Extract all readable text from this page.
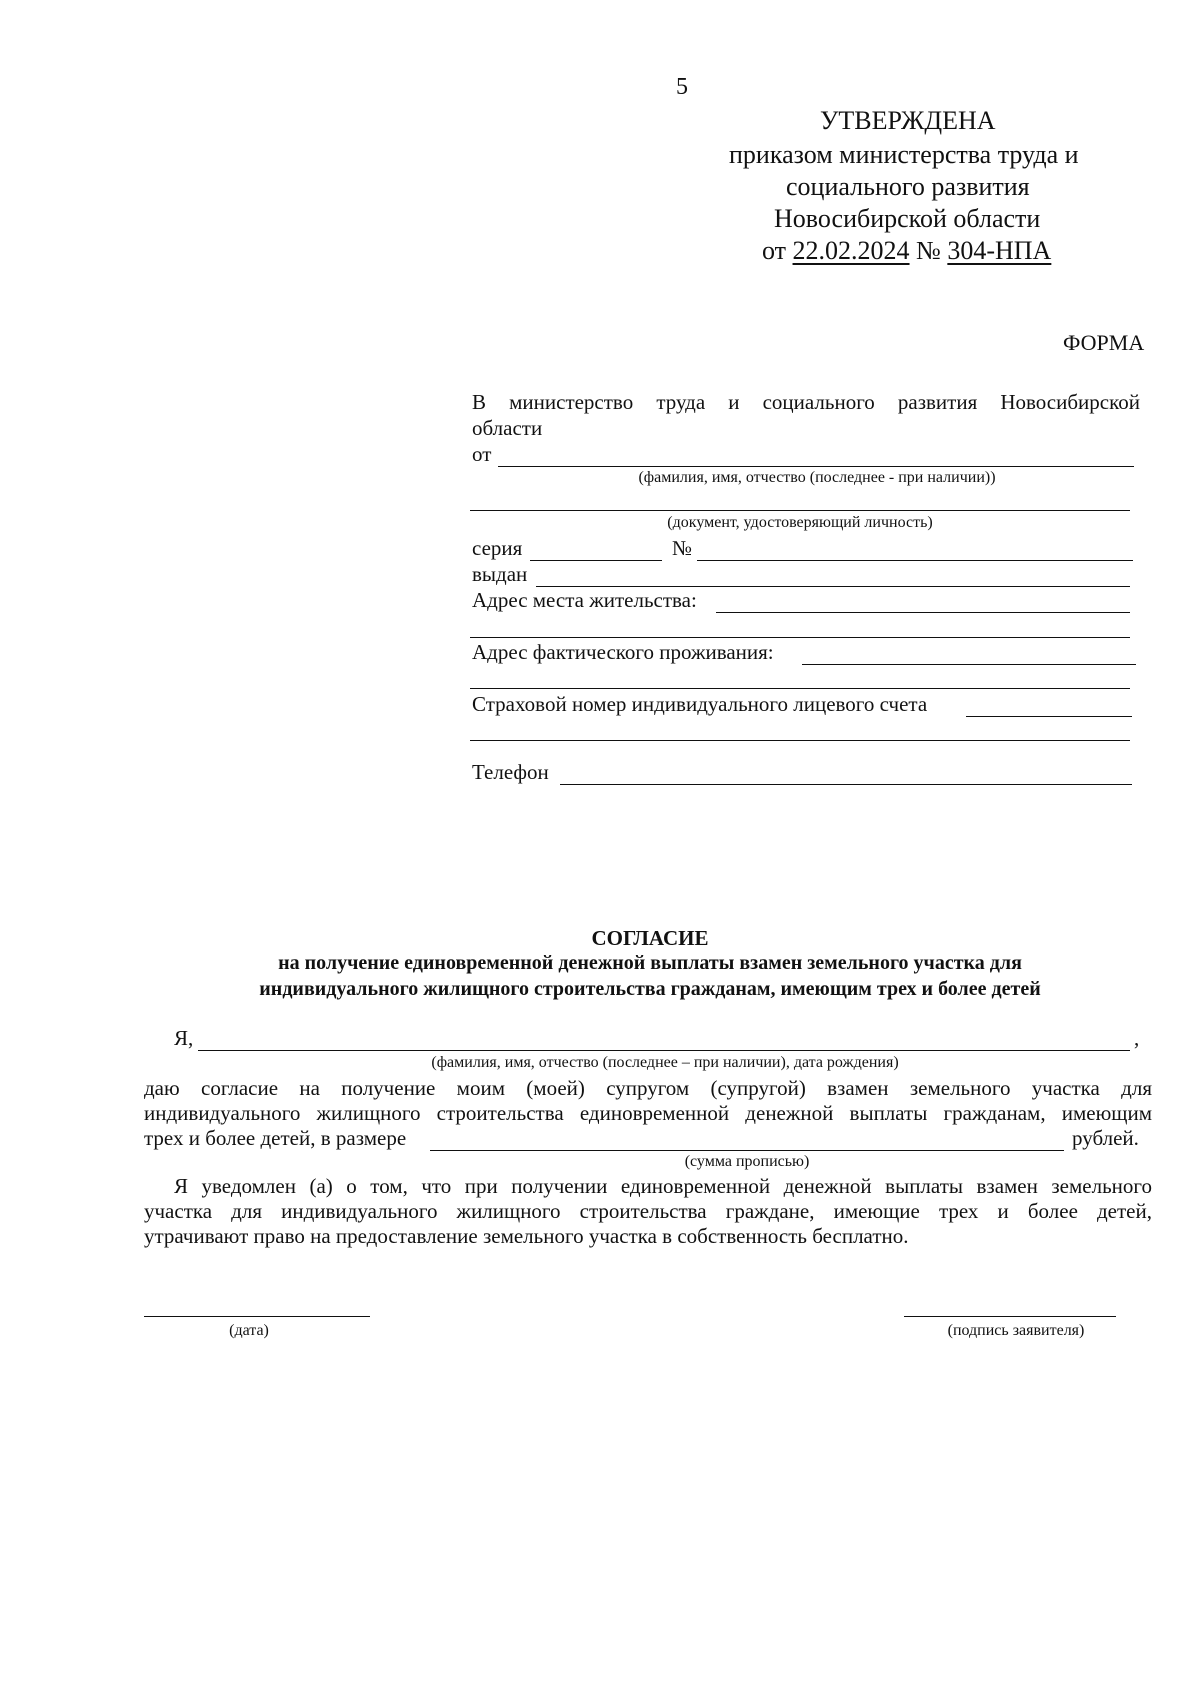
5
УТВЕРЖДЕНА
приказом министерства труда и
социального развития
Новосибирской области
от 22.02.2024 № 304-НПА
ФОРМА
В министерство труда и социального развития Новосибирской
области
от
(фамилия, имя, отчество (последнее - при наличии))
(документ, удостоверяющий личность)
серия	№
выдан
Адрес места жительства:
Адрес фактического проживания:
Страховой номер индивидуального лицевого счета
Телефон
СОГЛАСИЕ
на получение единовременной денежной выплаты взамен земельного участка для
индивидуального жилищного строительства гражданам, имеющим трех и более детей
Я,	,
(фамилия, имя, отчество (последнее – при наличии), дата рождения)
даю согласие на получение моим (моей) супругом (супругой) взамен земельного участка для
индивидуального жилищного строительства единовременной денежной выплаты гражданам, имеющим
трех и более детей, в размере	рублей.
(сумма прописью)
Я уведомлен (а) о том, что при получении единовременной денежной выплаты взамен земельного
участка для индивидуального жилищного строительства граждане, имеющие трех и более детей,
утрачивают право на предоставление земельного участка в собственность бесплатно.
(дата)	(подпись заявителя)
